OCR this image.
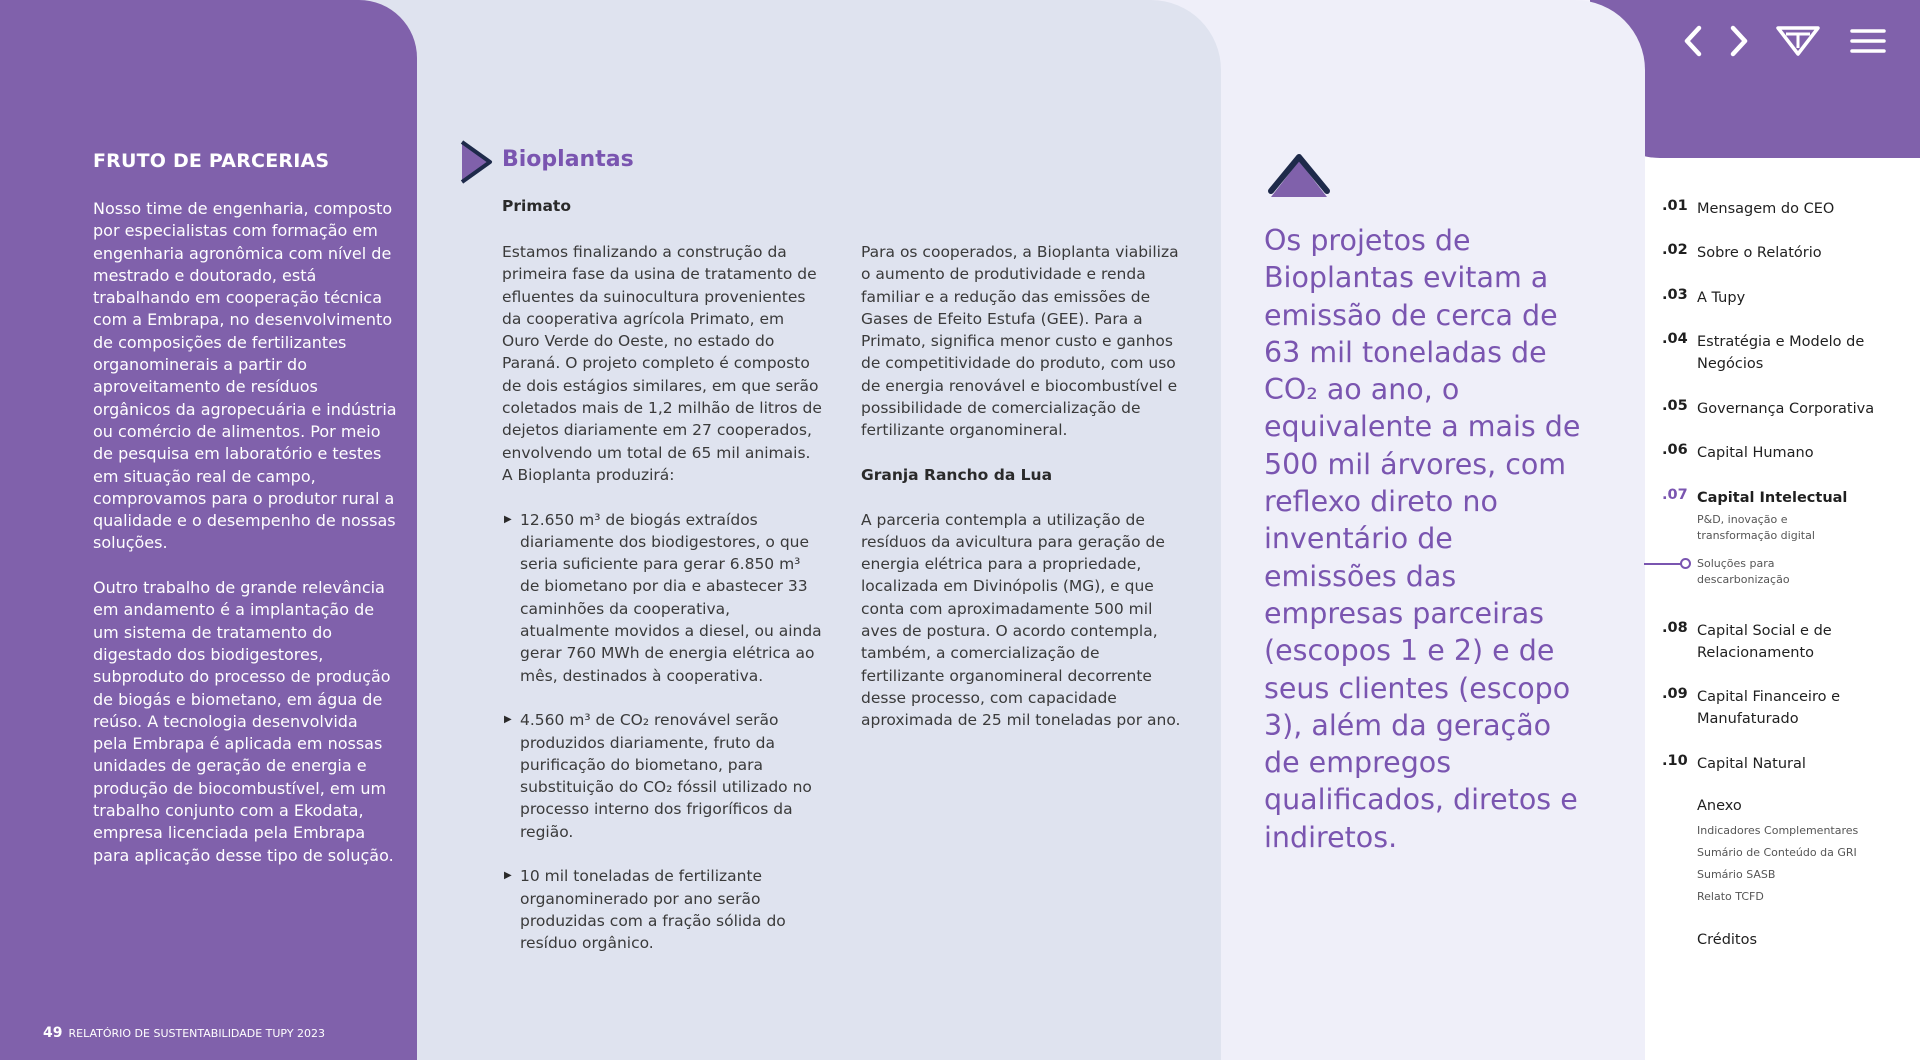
FRUTO DE PARCERIAS

Nosso time de engenharia, composto por especialistas com formação em engenharia agronômica com nível de mestrado e doutorado, está trabalhando em cooperação técnica com a Embrapa, no desenvolvimento de composições de fertilizantes organominerais a partir do aproveitamento de resíduos orgânicos da agropecuária e indústria ou comércio de alimentos. Por meio de pesquisa em laboratório e testes em situação real de campo, comprovamos para o produtor rural a qualidade e o desempenho de nossas soluções.

Outro trabalho de grande relevância em andamento é a implantação de um sistema de tratamento do digestado dos biodigestores, subproduto do processo de produção de biogás e biometano, em água de reúso. A tecnologia desenvolvida pela Embrapa é aplicada em nossas unidades de geração de energia e produção de biocombustível, em um trabalho conjunto com a Ekodata, empresa licenciada pela Embrapa para aplicação desse tipo de solução.

49 RELATÓRIO DE SUSTENTABILIDADE TUPY 2023
Bioplantas
Primato

Estamos finalizando a construção da primeira fase da usina de tratamento de efluentes da suinocultura provenientes da cooperativa agrícola Primato, em Ouro Verde do Oeste, no estado do Paraná. O projeto completo é composto de dois estágios similares, em que serão coletados mais de 1,2 milhão de litros de dejetos diariamente em 27 cooperados, envolvendo um total de 65 mil animais. A Bioplanta produzirá:

▶ 12.650 m³ de biogás extraídos diariamente dos biodigestores, o que seria suficiente para gerar 6.850 m³ de biometano por dia e abastecer 33 caminhões da cooperativa, atualmente movidos a diesel, ou ainda gerar 760 MWh de energia elétrica ao mês, destinados à cooperativa.
▶ 4.560 m³ de CO₂ renovável serão produzidos diariamente, fruto da purificação do biometano, para substituição do CO₂ fóssil utilizado no processo interno dos frigoríficos da região.
▶ 10 mil toneladas de fertilizante organominerado por ano serão produzidas com a fração sólida do resíduo orgânico.

Para os cooperados, a Bioplanta viabiliza o aumento de produtividade e renda familiar e a redução das emissões de Gases de Efeito Estufa (GEE). Para a Primato, significa menor custo e ganhos de competitividade do produto, com uso de energia renovável e biocombustível e possibilidade de comercialização de fertilizante organomineral.

Granja Rancho da Lua

A parceria contempla a utilização de resíduos da avicultura para geração de energia elétrica para a propriedade, localizada em Divinópolis (MG), e que conta com aproximadamente 500 mil aves de postura. O acordo contempla, também, a comercialização de fertilizante organomineral decorrente desse processo, com capacidade aproximada de 25 mil toneladas por ano.

Os projetos de Bioplantas evitam a emissão de cerca de 63 mil toneladas de CO₂ ao ano, o equivalente a mais de 500 mil árvores, com reflexo direto no inventário de emissões das empresas parceiras (escopos 1 e 2) e de seus clientes (escopo 3), além da geração de empregos qualificados, diretos e indiretos.
.01 Mensagem do CEO
.02 Sobre o Relatório
.03 A Tupy
.04 Estratégia e Modelo de Negócios
.05 Governança Corporativa
.06 Capital Humano
.07 Capital Intelectual
P&D, inovação e transformação digital
Soluções para descarbonização
.08 Capital Social e de Relacionamento
.09 Capital Financeiro e Manufaturado
.10 Capital Natural
Anexo
Indicadores Complementares
Sumário de Conteúdo da GRI
Sumário SASB
Relato TCFD
Créditos
